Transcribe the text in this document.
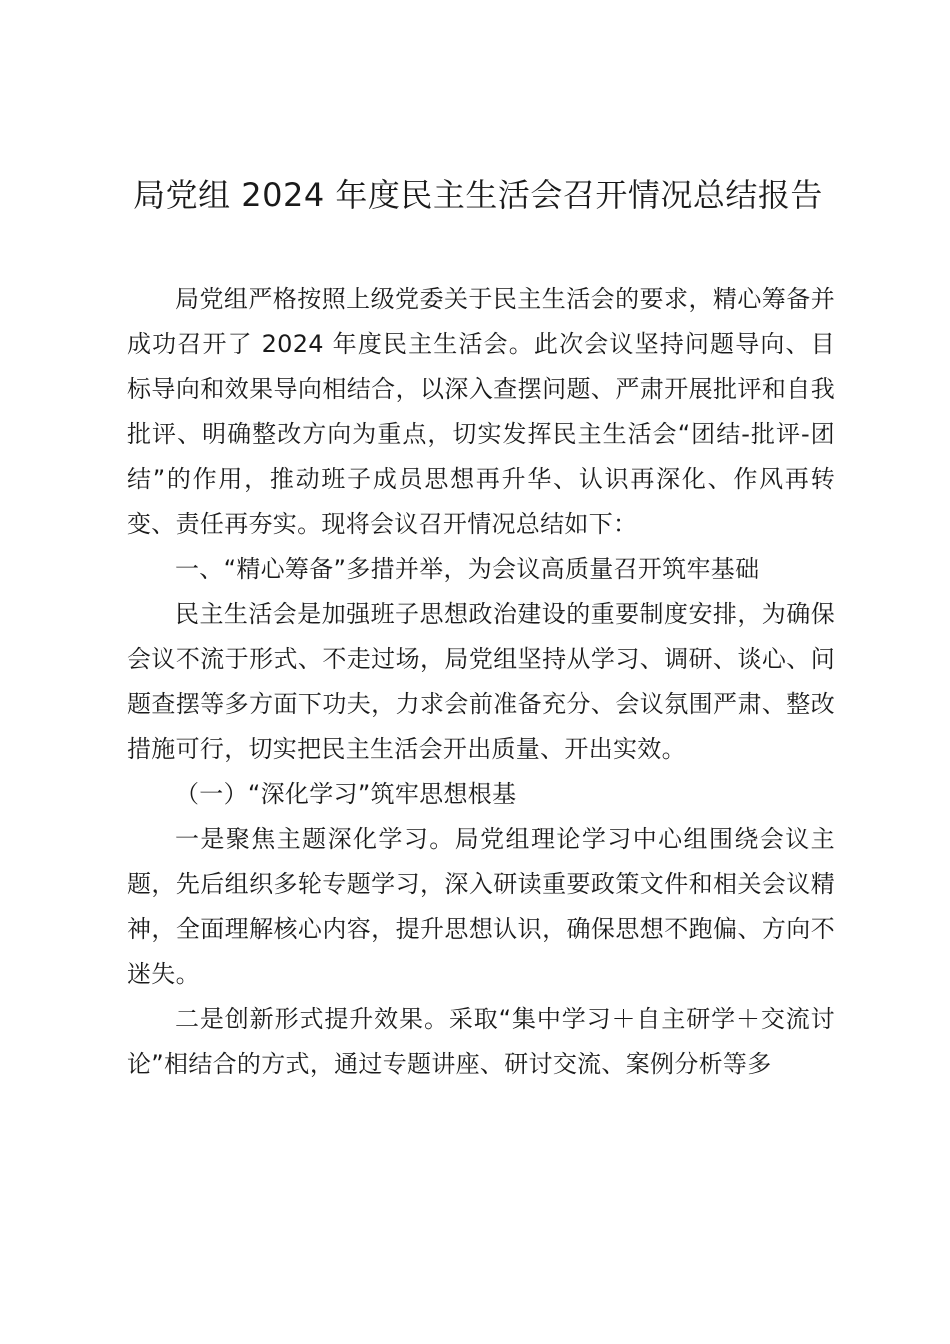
局党组 2024 年度民主生活会召开情况总结报告

局党组严格按照上级党委关于民主生活会的要求，精心筹备并成功召开了 2024 年度民主生活会。此次会议坚持问题导向、目标导向和效果导向相结合，以深入查摆问题、严肃开展批评和自我批评、明确整改方向为重点，切实发挥民主生活会“团结-批评-团结”的作用，推动班子成员思想再升华、认识再深化、作风再转变、责任再夯实。现将会议召开情况总结如下：

一、“精心筹备”多措并举，为会议高质量召开筑牢基础

民主生活会是加强班子思想政治建设的重要制度安排，为确保会议不流于形式、不走过场，局党组坚持从学习、调研、谈心、问题查摆等多方面下功夫，力求会前准备充分、会议氛围严肃、整改措施可行，切实把民主生活会开出质量、开出实效。

（一）“深化学习”筑牢思想根基

一是聚焦主题深化学习。局党组理论学习中心组围绕会议主题，先后组织多轮专题学习，深入研读重要政策文件和相关会议精神，全面理解核心内容，提升思想认识，确保思想不跑偏、方向不迷失。

二是创新形式提升效果。采取“集中学习＋自主研学＋交流讨论”相结合的方式，通过专题讲座、研讨交流、案例分析等多
